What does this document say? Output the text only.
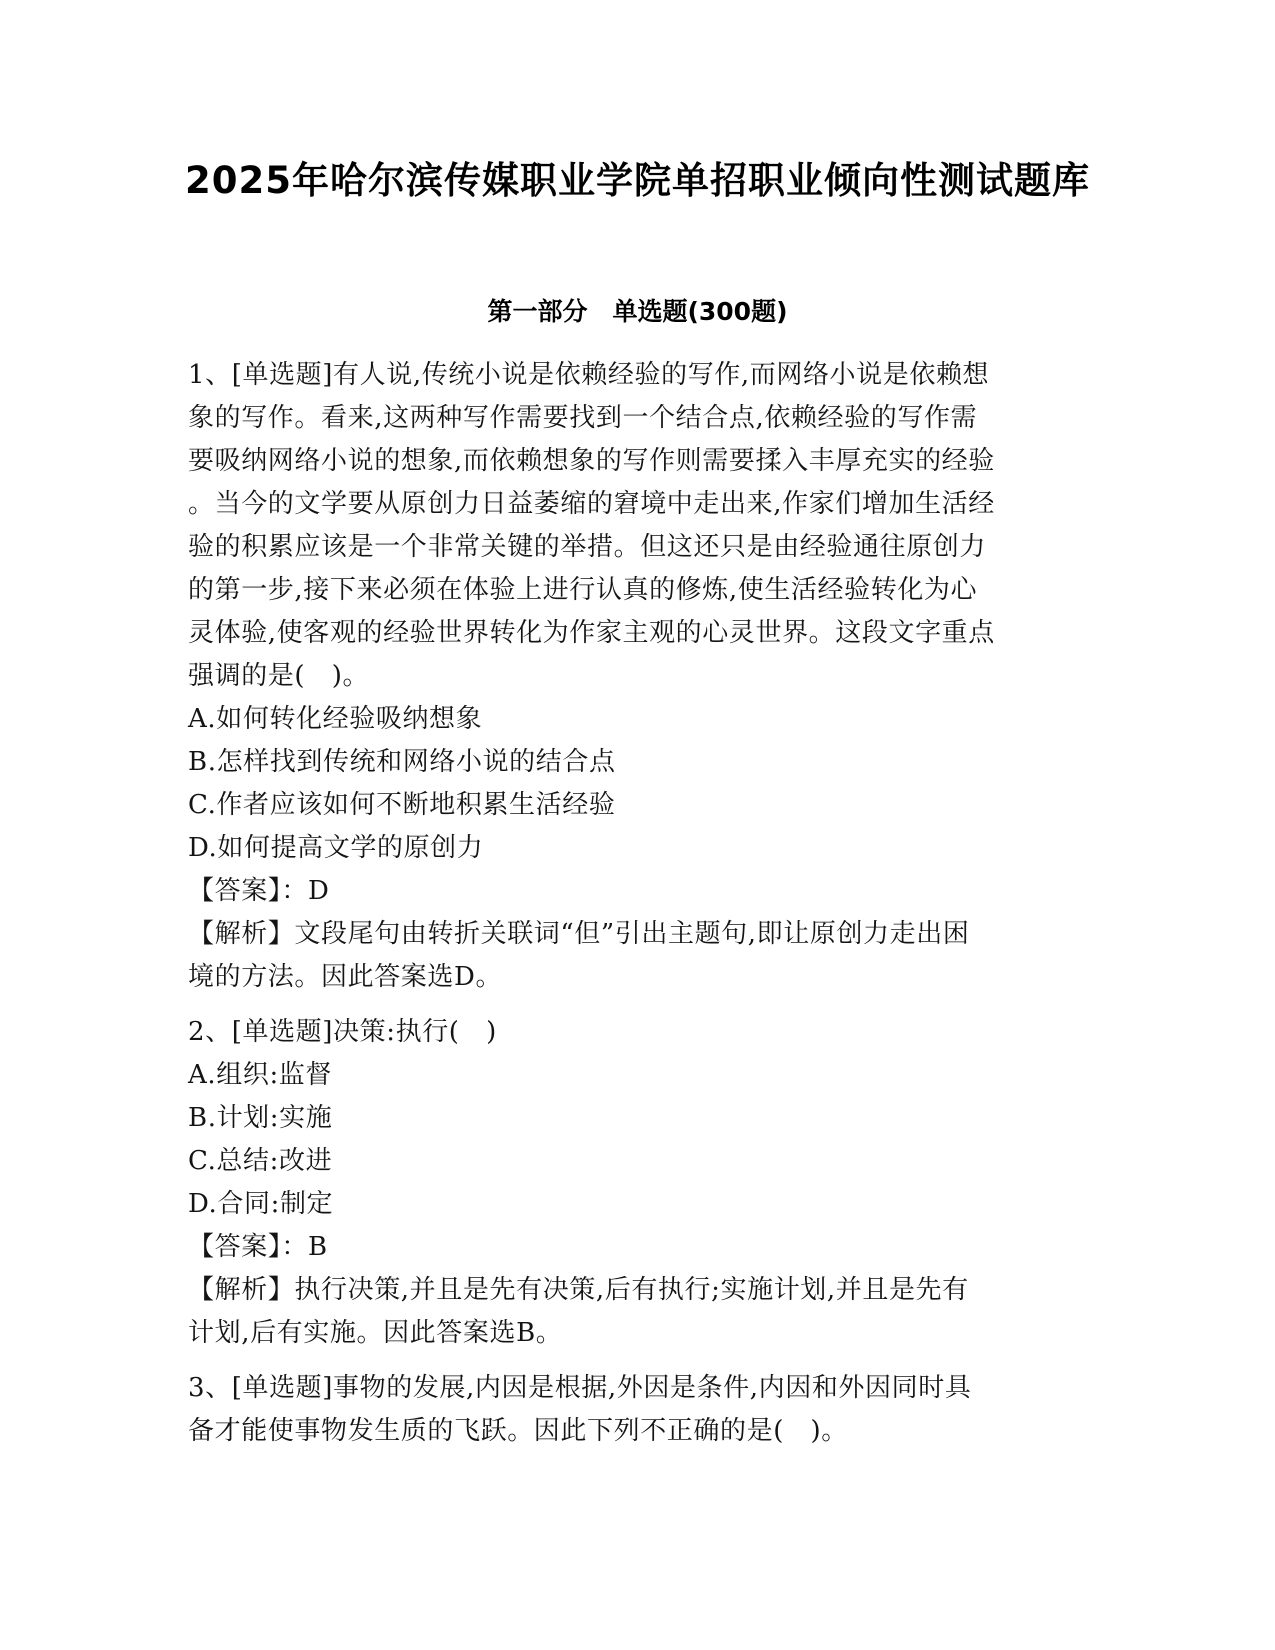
2025年哈尔滨传媒职业学院单招职业倾向性测试题库
第一部分　单选题(300题)
1、[单选题]有人说,传统小说是依赖经验的写作,而网络小说是依赖想
象的写作。看来,这两种写作需要找到一个结合点,依赖经验的写作需
要吸纳网络小说的想象,而依赖想象的写作则需要揉入丰厚充实的经验
。当今的文学要从原创力日益萎缩的窘境中走出来,作家们增加生活经
验的积累应该是一个非常关键的举措。但这还只是由经验通往原创力
的第一步,接下来必须在体验上进行认真的修炼,使生活经验转化为心
灵体验,使客观的经验世界转化为作家主观的心灵世界。这段文字重点
强调的是(　)。
A.如何转化经验吸纳想象
B.怎样找到传统和网络小说的结合点
C.作者应该如何不断地积累生活经验
D.如何提高文学的原创力
【答案】：D
【解析】文段尾句由转折关联词“但”引出主题句,即让原创力走出困
境的方法。因此答案选D。
2、[单选题]决策:执行(　)
A.组织:监督
B.计划:实施
C.总结:改进
D.合同:制定
【答案】：B
【解析】执行决策,并且是先有决策,后有执行;实施计划,并且是先有
计划,后有实施。因此答案选B。
3、[单选题]事物的发展,内因是根据,外因是条件,内因和外因同时具
备才能使事物发生质的飞跃。因此下列不正确的是(　)。
